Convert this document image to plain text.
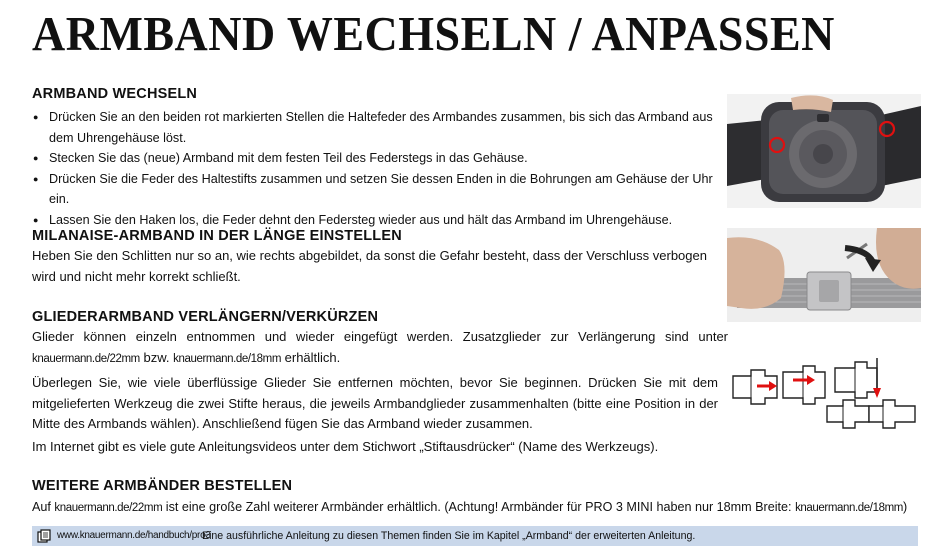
ARMBAND WECHSELN / ANPASSEN
ARMBAND WECHSELN
● Drücken Sie an den beiden rot markierten Stellen die Haltefeder des Armbandes zusammen, bis sich das Armband aus dem Uhrengehäuse löst.
● Stecken Sie das (neue) Armband mit dem festen Teil des Federstegs in das Gehäuse.
● Drücken Sie die Feder des Haltestifts zusammen und setzen Sie dessen Enden in die Bohrungen am Gehäuse der Uhr ein.
● Lassen Sie den Haken los, die Feder dehnt den Federsteg wieder aus und hält das Armband im Uhrengehäuse.
MILANAISE-ARMBAND IN DER LÄNGE EINSTELLEN
Heben Sie den Schlitten nur so an, wie rechts abgebildet, da sonst die Gefahr besteht, dass der Verschluss verbogen wird und nicht mehr korrekt schließt.
GLIEDERARMBAND VERLÄNGERN/VERKÜRZEN
Glieder können einzeln entnommen und wieder eingefügt werden. Zusatzglieder zur Verlängerung sind unter knauermann.de/22mm bzw. knauermann.de/18mm erhältlich.
Überlegen Sie, wie viele überflüssige Glieder Sie entfernen möchten, bevor Sie beginnen. Drücken Sie mit dem mitgelieferten Werkzeug die zwei Stifte heraus, die jeweils Armbandglieder zusammenhalten (bitte eine Position in der Mitte des Armbands wählen). Anschließend fügen Sie das Armband wieder zusammen.
Im Internet gibt es viele gute Anleitungsvideos unter dem Stichwort „Stiftausdrücker“ (Name des Werkzeugs).
WEITERE ARMBÄNDER BESTELLEN
Auf knauermann.de/22mm ist eine große Zahl weiterer Armbänder erhältlich. (Achtung! Armbänder für PRO 3 MINI haben nur 18mm Breite: knauermann.de/18mm)
www.knauermann.de/handbuch/pro3
Eine ausführliche Anleitung zu diesen Themen finden Sie im Kapitel „Armband“ der erweiterten Anleitung.
